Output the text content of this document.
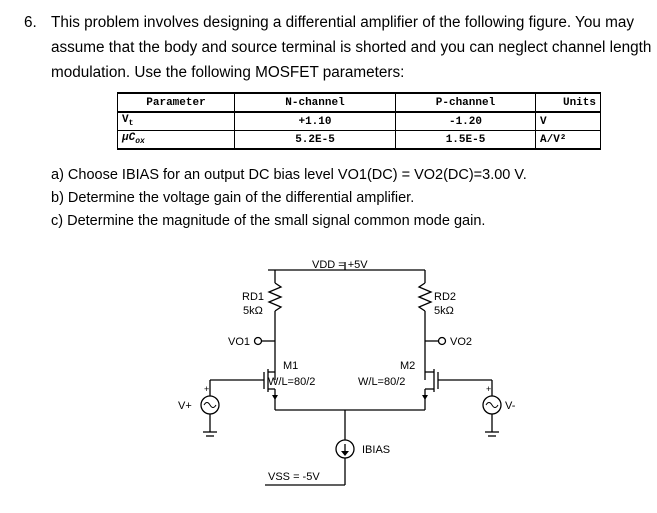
6. This problem involves designing a differential amplifier of the following figure. You may
assume that the body and source terminal is shorted and you can neglect channel length
modulation. Use the following MOSFET parameters:
Parameter	N-channel	P-channel	Units
$V_t$	+1.10	-1.20	V
$\mu C_{ox}$	5.2E-5	1.5E-5	A/V²
a) Choose IBIAS for an output DC bias level VO1(DC) = VO2(DC)=3.00 V.
b) Determine the voltage gain of the differential amplifier.
c) Determine the magnitude of the small signal common mode gain.
+	+
VDD = +5V
RD1
5kΩ
RD2
5kΩ
VO1	VO2
M1
W/L=80/2
M2
W/L=80/2
V+	V-
IBIAS
VSS = -5V
